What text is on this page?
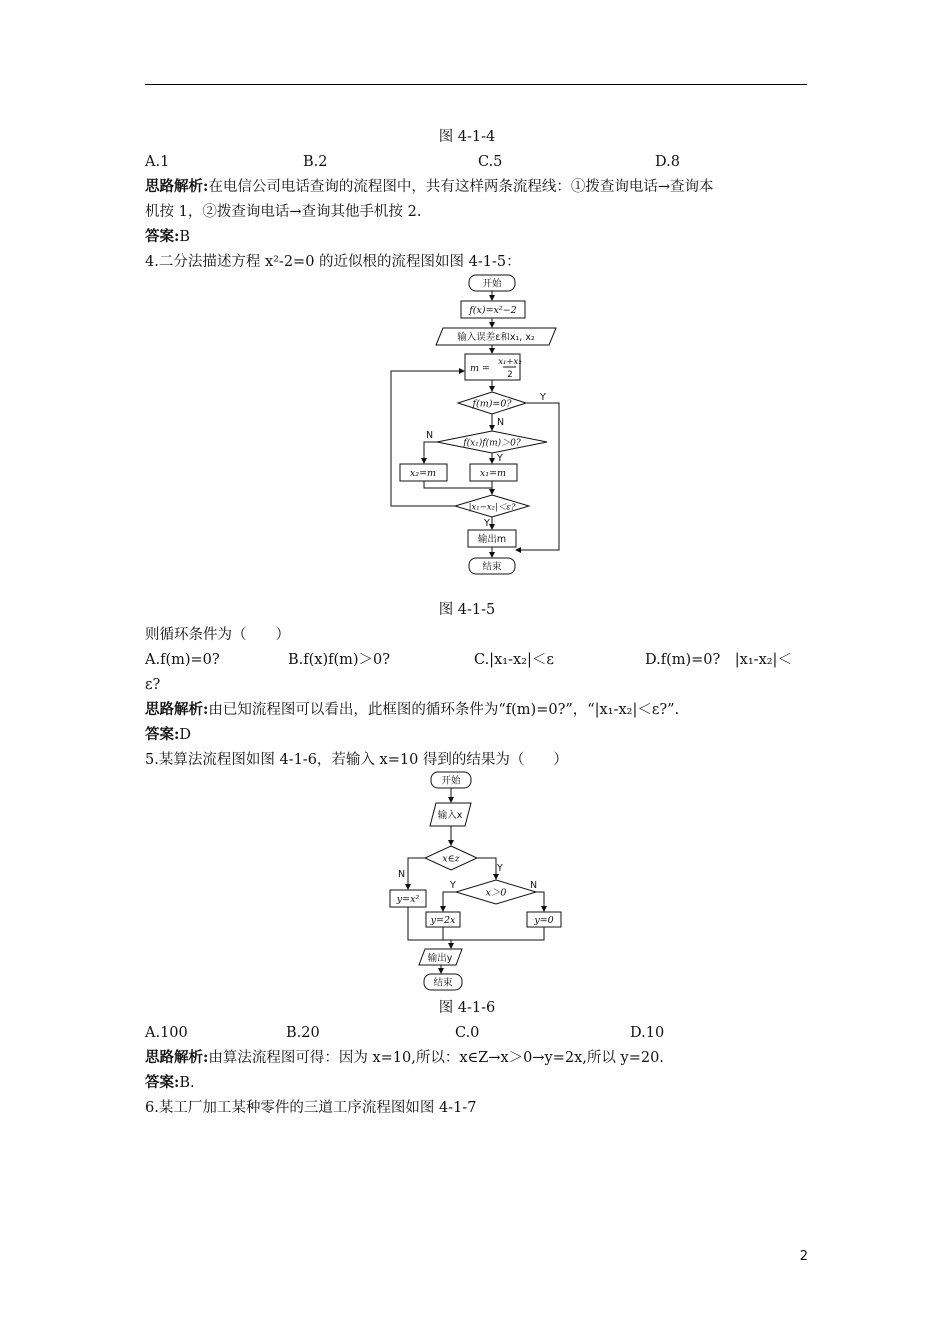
图 4-1-4
A.1	B.2	C.5	D.8
思路解析:在电信公司电话查询的流程图中，共有这样两条流程线：①拨查询电话→查询本
机按 1，②拨查询电话→查询其他手机按 2.
答案:B
4.二分法描述方程 x²-2=0 的近似根的流程图如图 4-1-5：
开始
f(x)=x²−2
输入误差ε和x₁, x₂
m =
x₁+x₂
2
f(m)=0?
Y
N
f(x₁)f(m)＞0?
N
Y
x₂=m	x₁=m
|x₁−x₂|＜ε?
Y
输出m
结束
图 4-1-5
则循环条件为（　　）
A.f(m)=0?	B.f(x)f(m)＞0?	C.|x₁-x₂|＜ε	D.f(m)=0?　|x₁-x₂|＜
ε?
思路解析:由已知流程图可以看出，此框图的循环条件为“f(m)=0?”，“|x₁-x₂|＜ε?”.
答案:D
5.某算法流程图如图 4-1-6，若输入 x=10 得到的结果为（　　）
开始
输入x
x∈z
N
Y
x＞0
Y	N
y=x²
y=2x	y=0
输出y
结束
图 4-1-6
A.100	B.20	C.0	D.10
思路解析:由算法流程图可得：因为 x=10,所以：x∈Z→x＞0→y=2x,所以 y=20.
答案:B.
6.某工厂加工某种零件的三道工序流程图如图 4-1-7
2
